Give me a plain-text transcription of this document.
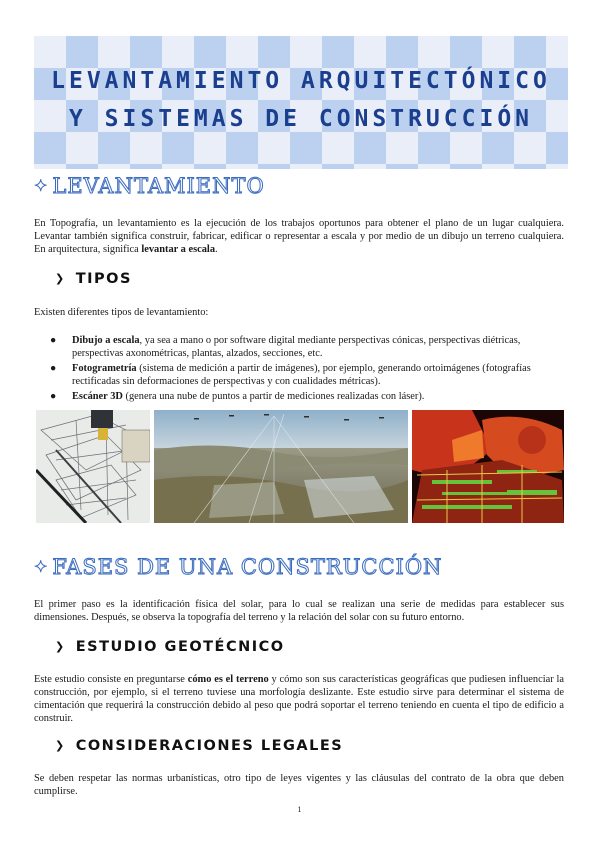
LEVANTAMIENTO ARQUITECTÓNICO
Y SISTEMAS DE CONSTRUCCIÓN
✦ LEVANTAMIENTO
En Topografía, un levantamiento es la ejecución de los trabajos oportunos para obtener el plano de un lugar cualquiera. Levantar también significa construir, fabricar, edificar o representar a escala y por medio de un dibujo un terreno cualquiera. En arquitectura, significa levantar a escala.
❯ TIPOS
Existen diferentes tipos de levantamiento:
● Dibujo a escala, ya sea a mano o por software digital mediante perspectivas cónicas, perspectivas diétricas, perspectivas axonométricas, plantas, alzados, secciones, etc.
● Fotogrametría (sistema de medición a partir de imágenes), por ejemplo, generando ortoimágenes (fotografías rectificadas sin deformaciones de perspectivas y con cualidades métricas).
● Escáner 3D (genera una nube de puntos a partir de mediciones realizadas con láser).
✦ FASES DE UNA CONSTRUCCIÓN
El primer paso es la identificación física del solar, para lo cual se realizan una serie de medidas para establecer sus dimensiones. Después, se observa la topografía del terreno y la relación del solar con su futuro entorno.
❯ ESTUDIO GEOTÉCNICO
Este estudio consiste en preguntarse cómo es el terreno y cómo son sus características geográficas que pudiesen influenciar la construcción, por ejemplo, si el terreno tuviese una morfología deslizante. Este estudio sirve para determinar el sistema de cimentación que requerirá la construcción debido al peso que podrá soportar el terreno teniendo en cuenta el tipo de edificio a construir.
❯ CONSIDERACIONES LEGALES
Se deben respetar las normas urbanísticas, otro tipo de leyes vigentes y las cláusulas del contrato de la obra que deben cumplirse.
1
